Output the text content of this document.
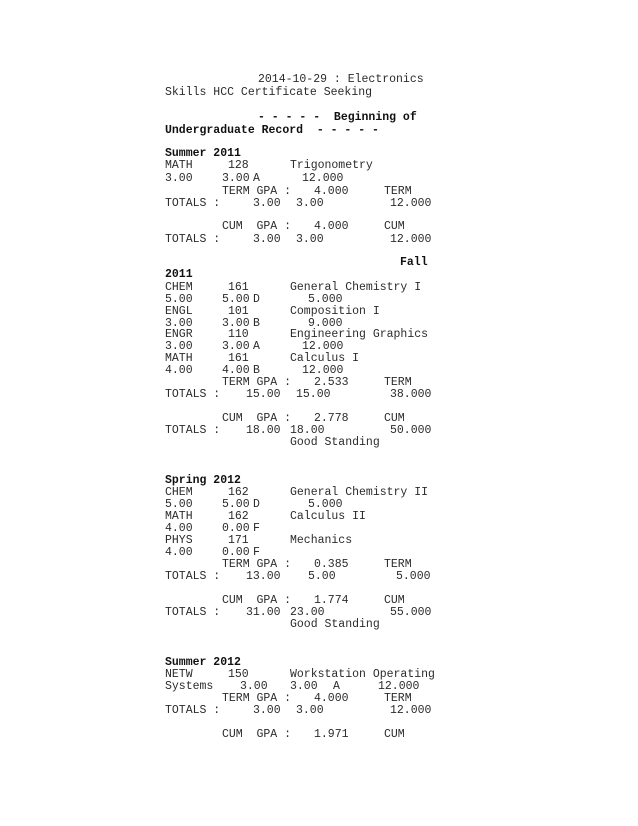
2014-10-29 : Electronics
Skills HCC Certificate Seeking
- - - - -  Beginning of
Undergraduate Record  - - - - -
Summer 2011
MATH	128	Trigonometry
3.00	3.00 A	12.000
TERM GPA : 4.000	TERM
TOTALS :	3.00 3.00	12.000
CUM  GPA : 4.000	CUM
TOTALS :	3.00 3.00	12.000
Fall
2011
CHEM	161	General Chemistry I
5.00	5.00 D	5.000
ENGL	101	Composition I
3.00	3.00 B	9.000
ENGR	110	Engineering Graphics
3.00	3.00 A	12.000
MATH	161	Calculus I
4.00	4.00 B	12.000
TERM GPA : 2.533	TERM
TOTALS : 15.00 15.00	38.000
CUM  GPA : 2.778	CUM
TOTALS : 18.00 18.00	50.000
Good Standing
Spring 2012
CHEM	162	General Chemistry II
5.00	5.00 D	5.000
MATH	162	Calculus II
4.00	0.00 F
PHYS	171	Mechanics
4.00	0.00 F
TERM GPA : 0.385	TERM
TOTALS : 13.00 5.00	5.000
CUM  GPA : 1.774	CUM
TOTALS : 31.00 23.00	55.000
Good Standing
Summer 2012
NETW	150	Workstation Operating
Systems 3.00 3.00 A	12.000
TERM GPA : 4.000	TERM
TOTALS :	3.00 3.00	12.000
CUM  GPA : 1.971	CUM
